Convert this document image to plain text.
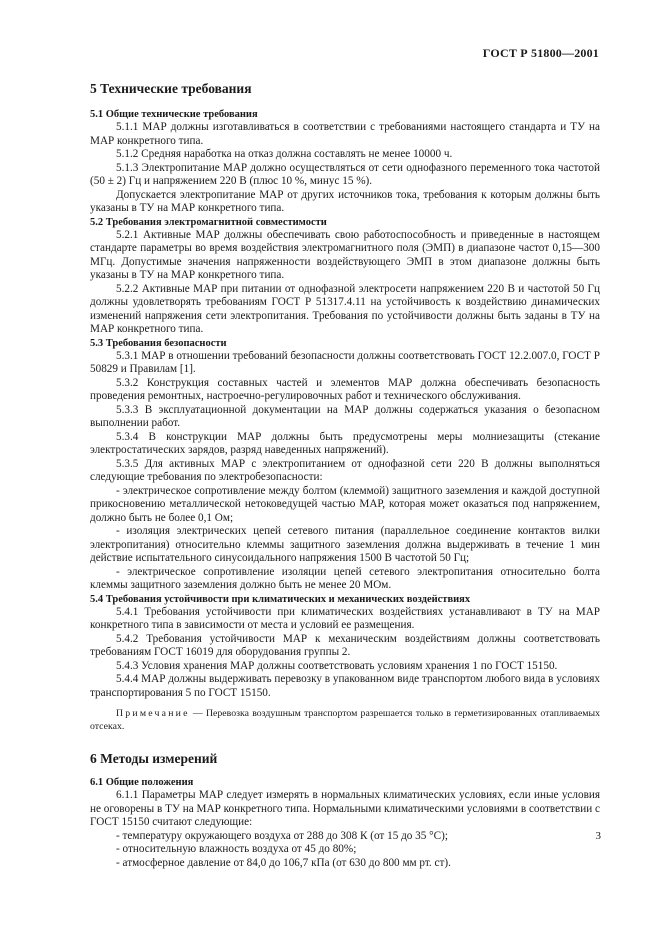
ГОСТ Р 51800—2001
5 Технические требования
5.1 Общие технические требования

5.1.1 МАР должны изготавливаться в соответствии с требованиями настоящего стандарта и ТУ на МАР конкретного типа.

5.1.2 Средняя наработка на отказ должна составлять не менее 10000 ч.

5.1.3 Электропитание МАР должно осуществляться от сети однофазного переменного тока частотой (50 ± 2) Гц и напряжением 220 В (плюс 10 %, минус 15 %).

Допускается электропитание МАР от других источников тока, требования к которым должны быть указаны в ТУ на МАР конкретного типа.

5.2 Требования электромагнитной совместимости

5.2.1 Активные МАР должны обеспечивать свою работоспособность и приведенные в настоящем стандарте параметры во время воздействия электромагнитного поля (ЭМП) в диапазоне частот 0,15—300 МГц. Допустимые значения напряженности воздействующего ЭМП в этом диапазоне должны быть указаны в ТУ на МАР конкретного типа.

5.2.2 Активные МАР при питании от однофазной электросети напряжением 220 В и частотой 50 Гц должны удовлетворять требованиям ГОСТ Р 51317.4.11 на устойчивость к воздействию динамических изменений напряжения сети электропитания. Требования по устойчивости должны быть заданы в ТУ на МАР конкретного типа.

5.3 Требования безопасности

5.3.1 МАР в отношении требований безопасности должны соответствовать ГОСТ 12.2.007.0, ГОСТ Р 50829 и Правилам [1].

5.3.2 Конструкция составных частей и элементов МАР должна обеспечивать безопасность проведения ремонтных, настроечно-регулировочных работ и технического обслуживания.

5.3.3 В эксплуатационной документации на МАР должны содержаться указания о безопасном выполнении работ.

5.3.4 В конструкции МАР должны быть предусмотрены меры молниезащиты (стекание электростатических зарядов, разряд наведенных напряжений).

5.3.5 Для активных МАР с электропитанием от однофазной сети 220 В должны выполняться следующие требования по электробезопасности:

- электрическое сопротивление между болтом (клеммой) защитного заземления и каждой доступной прикосновению металлической нетоковедущей частью МАР, которая может оказаться под напряжением, должно быть не более 0,1 Ом;

- изоляция электрических цепей сетевого питания (параллельное соединение контактов вилки электропитания) относительно клеммы защитного заземления должна выдерживать в течение 1 мин действие испытательного синусоидального напряжения 1500 В частотой 50 Гц;

- электрическое сопротивление изоляции цепей сетевого электропитания относительно болта клеммы защитного заземления должно быть не менее 20 МОм.

5.4 Требования устойчивости при климатических и механических воздействиях

5.4.1 Требования устойчивости при климатических воздействиях устанавливают в ТУ на МАР конкретного типа в зависимости от места и условий ее размещения.

5.4.2 Требования устойчивости МАР к механическим воздействиям должны соответствовать требованиям ГОСТ 16019 для оборудования группы 2.

5.4.3 Условия хранения МАР должны соответствовать условиям хранения 1 по ГОСТ 15150.

5.4.4 МАР должны выдерживать перевозку в упакованном виде транспортом любого вида в условиях транспортирования 5 по ГОСТ 15150.

Примечание — Перевозка воздушным транспортом разрешается только в герметизированных отапливаемых отсеках.
6 Методы измерений
6.1 Общие положения

6.1.1 Параметры МАР следует измерять в нормальных климатических условиях, если иные условия не оговорены в ТУ на МАР конкретного типа. Нормальными климатическими условиями в соответствии с ГОСТ 15150 считают следующие:

- температуру окружающего воздуха от 288 до 308 К (от 15 до 35 °С);

- относительную влажность воздуха от 45 до 80%;

- атмосферное давление от 84,0 до 106,7 кПа (от 630 до 800 мм рт. ст).

3
